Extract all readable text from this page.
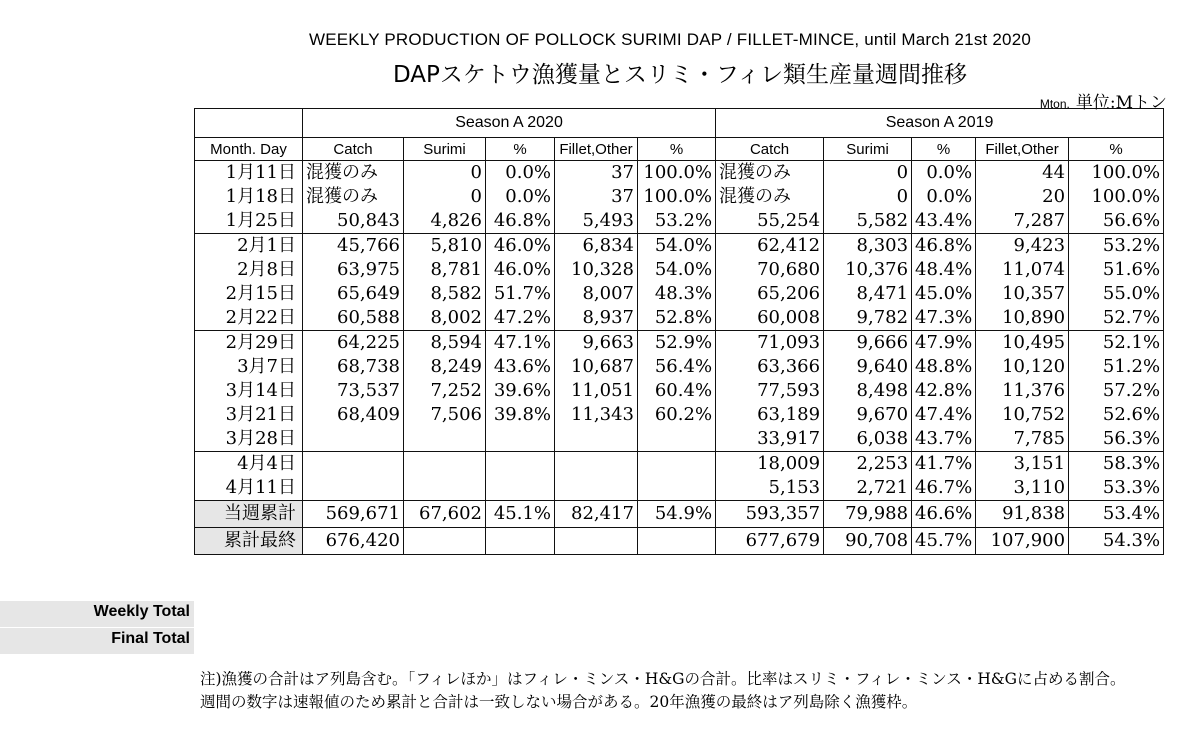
WEEKLY PRODUCTION OF POLLOCK SURIMI DAP / FILLET-MINCE, until March 21st 2020
DAPスケトウ漁獲量とスリミ・フィレ類生産量週間推移
Mton. 単位:Mトン
Weekly Total
Final Total
	Season A 2020					Season A 2019				
Month. Day	Catch	Surimi	%	Fillet,Other	%	Catch	Surimi	%	Fillet,Other	%
1月11日	混獲のみ	0	0.0%	37	100.0%	混獲のみ	0	0.0%	44	100.0%
1月18日	混獲のみ	0	0.0%	37	100.0%	混獲のみ	0	0.0%	20	100.0%
1月25日	50,843	4,826	46.8%	5,493	53.2%	55,254	5,582	43.4%	7,287	56.6%
2月1日	45,766	5,810	46.0%	6,834	54.0%	62,412	8,303	46.8%	9,423	53.2%
2月8日	63,975	8,781	46.0%	10,328	54.0%	70,680	10,376	48.4%	11,074	51.6%
2月15日	65,649	8,582	51.7%	8,007	48.3%	65,206	8,471	45.0%	10,357	55.0%
2月22日	60,588	8,002	47.2%	8,937	52.8%	60,008	9,782	47.3%	10,890	52.7%
2月29日	64,225	8,594	47.1%	9,663	52.9%	71,093	9,666	47.9%	10,495	52.1%
3月7日	68,738	8,249	43.6%	10,687	56.4%	63,366	9,640	48.8%	10,120	51.2%
3月14日	73,537	7,252	39.6%	11,051	60.4%	77,593	8,498	42.8%	11,376	57.2%
3月21日	68,409	7,506	39.8%	11,343	60.2%	63,189	9,670	47.4%	10,752	52.6%
3月28日						33,917	6,038	43.7%	7,785	56.3%
4月4日						18,009	2,253	41.7%	3,151	58.3%
4月11日						5,153	2,721	46.7%	3,110	53.3%
当週累計	569,671	67,602	45.1%	82,417	54.9%	593,357	79,988	46.6%	91,838	53.4%
累計最終	676,420					677,679	90,708	45.7%	107,900	54.3%
注)漁獲の合計はア列島含む。「フィレほか」はフィレ・ミンス・H&Gの合計。比率はスリミ・フィレ・ミンス・H&Gに占める割合。
週間の数字は速報値のため累計と合計は一致しない場合がある。20年漁獲の最終はア列島除く漁獲枠。
